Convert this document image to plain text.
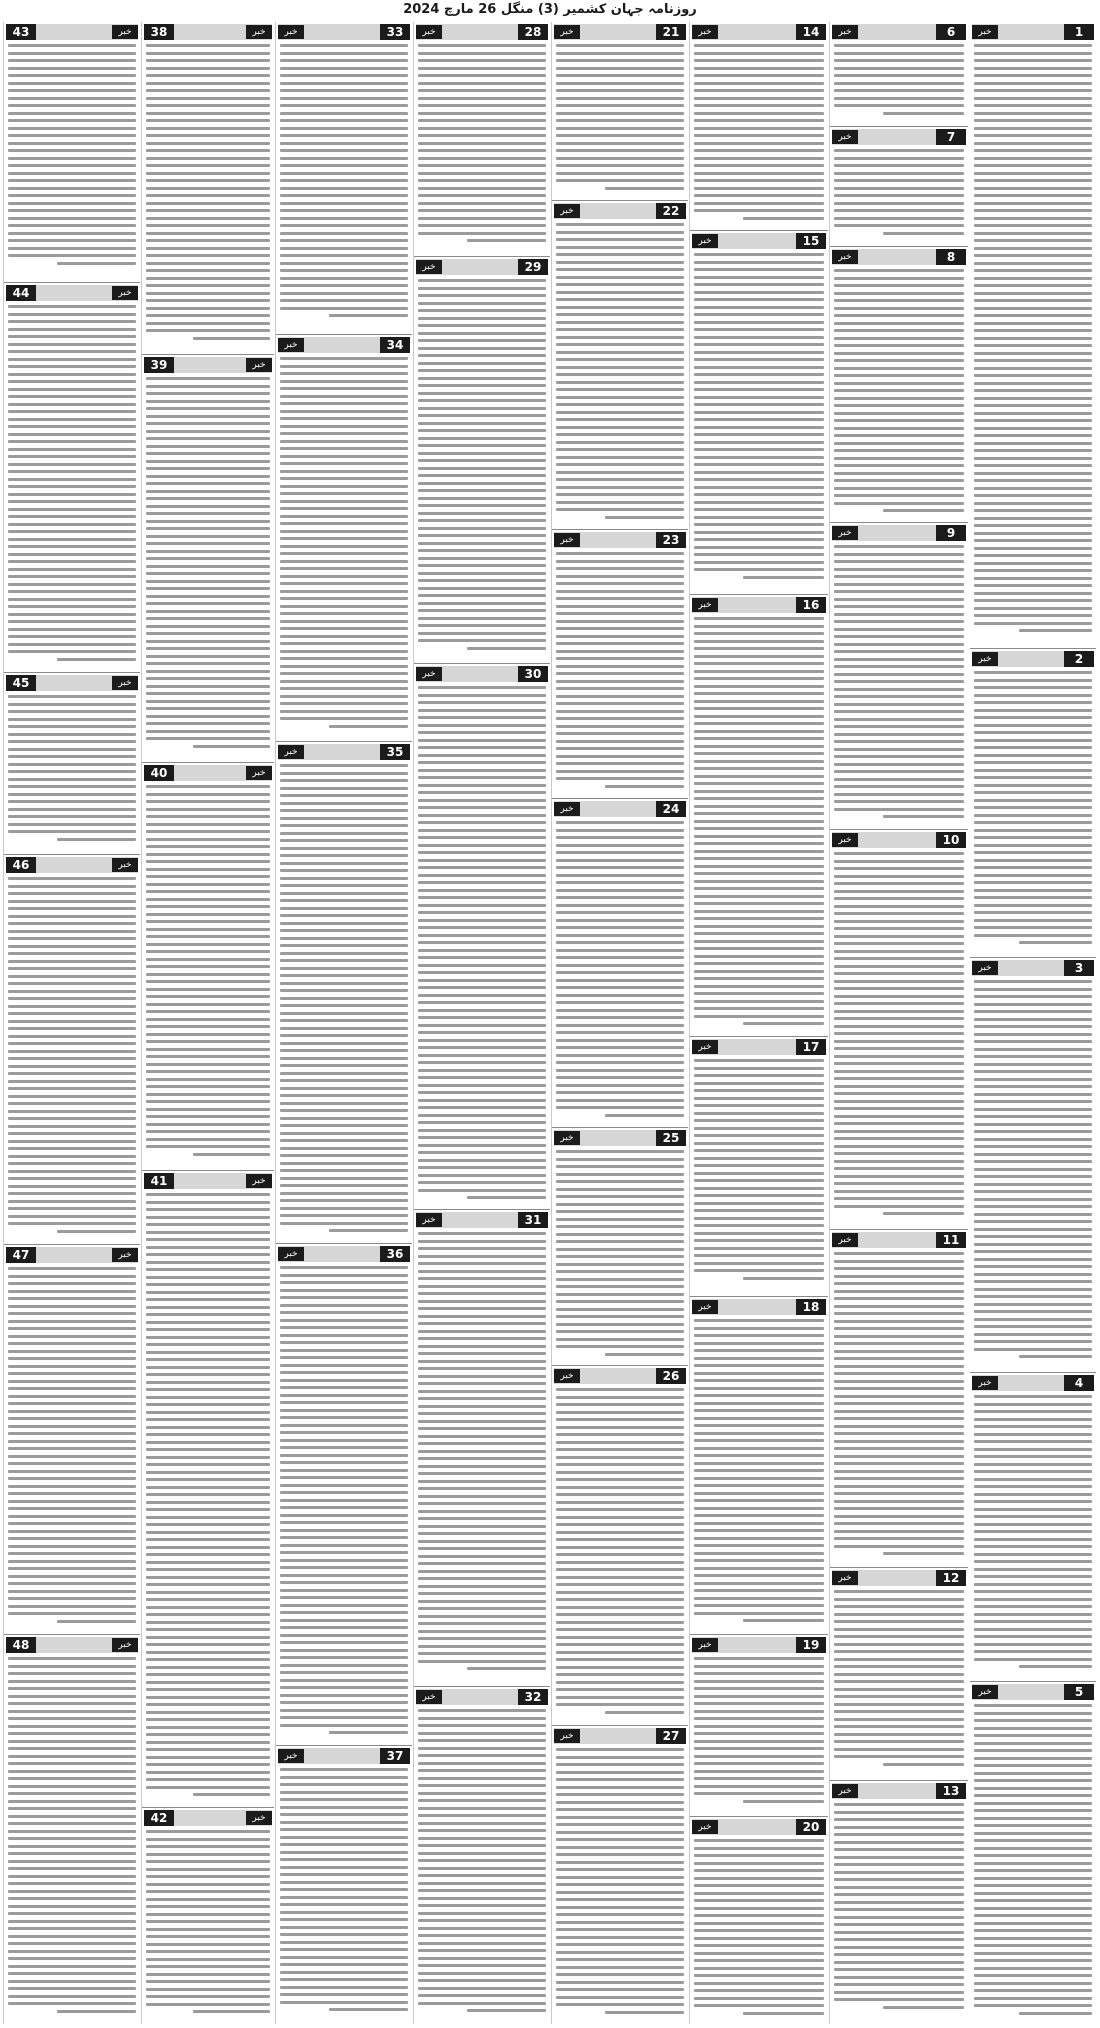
روزنامہ جہان کشمیر (3) منگل 26 مارچ 2024
1
خبر
2
خبر
3
خبر
4
خبر
5
خبر
6
خبر
7
خبر
8
خبر
9
خبر
10
خبر
11
خبر
12
خبر
13
خبر
14
خبر
15
خبر
16
خبر
17
خبر
18
خبر
19
خبر
20
خبر
21
خبر
22
خبر
23
خبر
24
خبر
25
خبر
26
خبر
27
خبر
28
خبر
29
خبر
30
خبر
31
خبر
32
خبر
33
خبر
34
خبر
35
خبر
36
خبر
37
خبر
38	خبر
39	خبر
40	خبر
41	خبر
42	خبر
43	خبر
44	خبر
45	خبر
46	خبر
47	خبر
48	خبر
